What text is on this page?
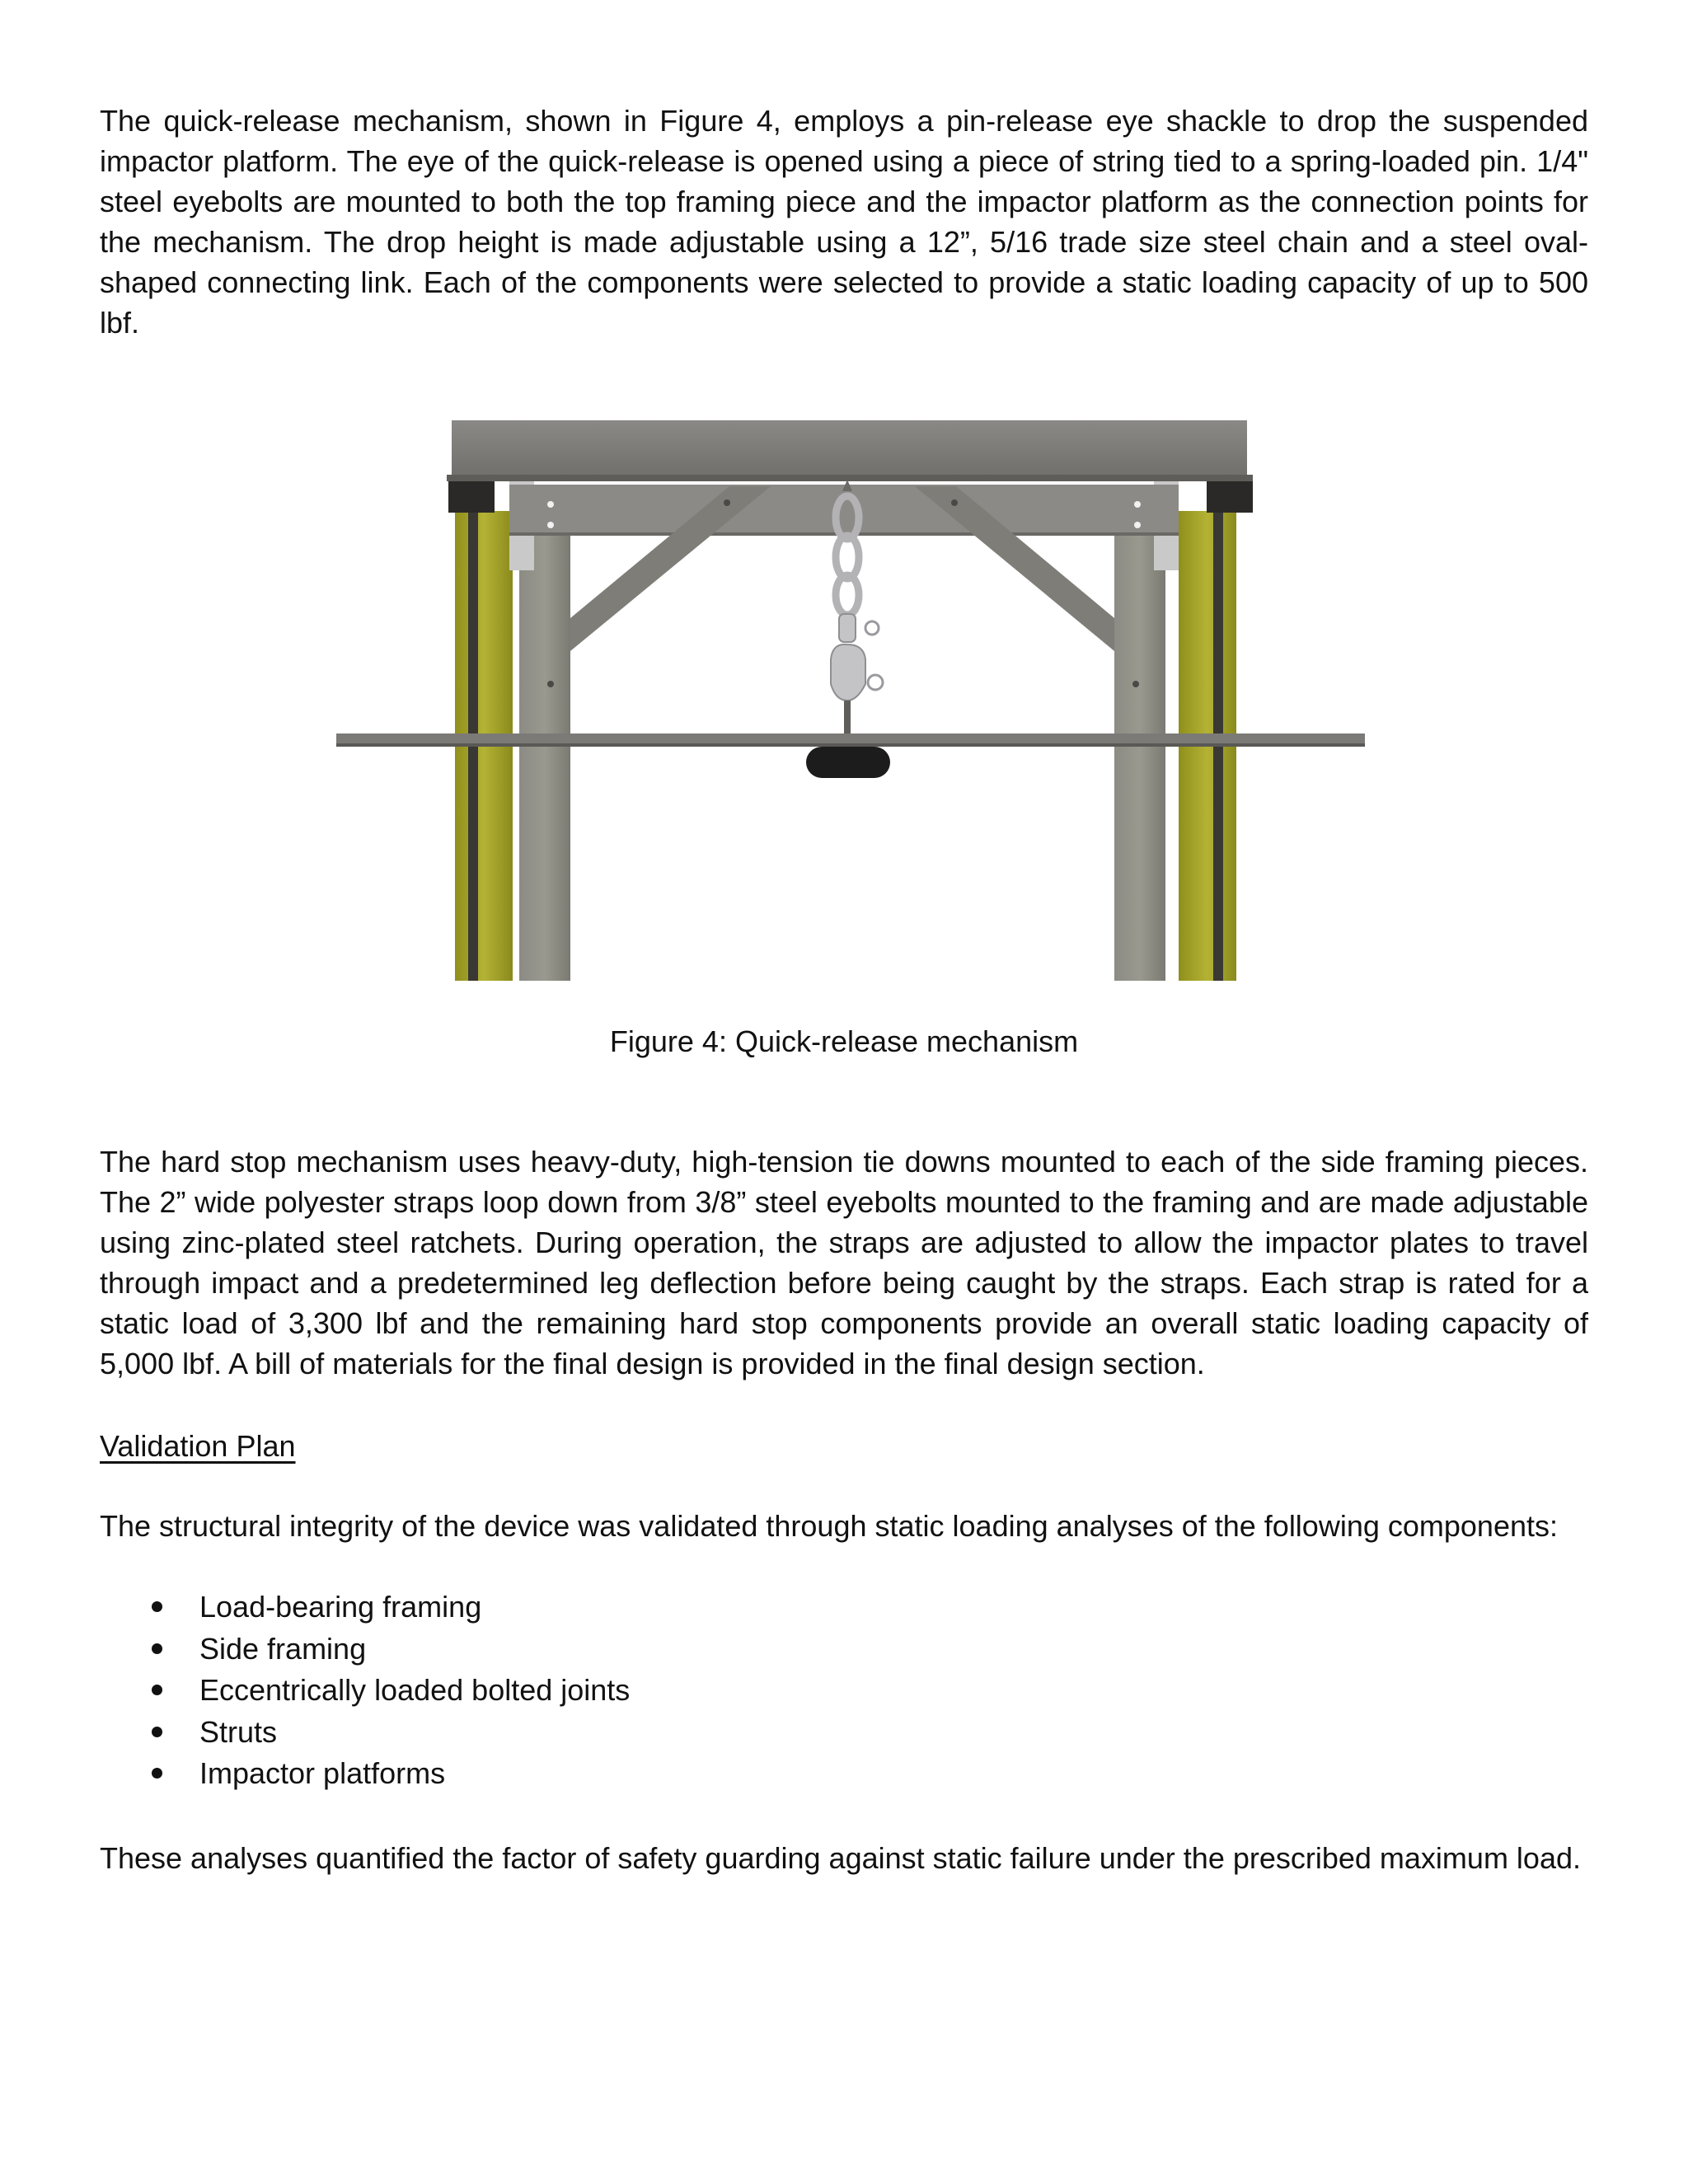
The quick-release mechanism, shown in Figure 4, employs a pin-release eye shackle to drop the suspended impactor platform. The eye of the quick-release is opened using a piece of string tied to a spring-loaded pin. 1/4" steel eyebolts are mounted to both the top framing piece and the impactor platform as the connection points for the mechanism. The drop height is made adjustable using a 12”, 5/16 trade size steel chain and a steel oval-shaped connecting link. Each of the components were selected to provide a static loading capacity of up to 500 lbf.

Figure 4: Quick-release mechanism

The hard stop mechanism uses heavy-duty, high-tension tie downs mounted to each of the side framing pieces. The 2” wide polyester straps loop down from 3/8” steel eyebolts mounted to the framing and are made adjustable using zinc-plated steel ratchets. During operation, the straps are adjusted to allow the impactor plates to travel through impact and a predetermined leg deflection before being caught by the straps. Each strap is rated for a static load of 3,300 lbf and the remaining hard stop components provide an overall static loading capacity of 5,000 lbf. A bill of materials for the final design is provided in the final design section.

Validation Plan

The structural integrity of the device was validated through static loading analyses of the following components:

Load-bearing framing
Side framing
Eccentrically loaded bolted joints
Struts
Impactor platforms

These analyses quantified the factor of safety guarding against static failure under the prescribed maximum load.
